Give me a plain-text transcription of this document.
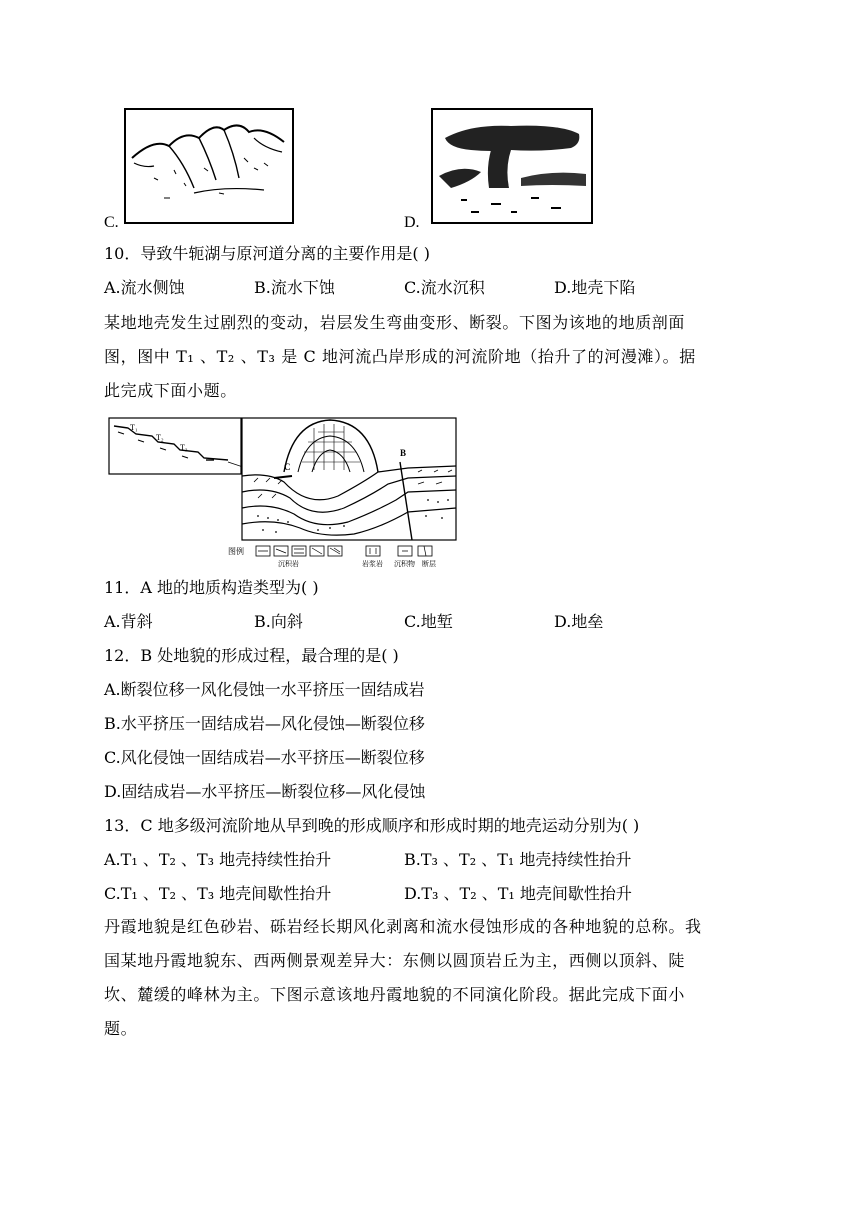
C.	D.
10．导致牛轭湖与原河道分离的主要作用是( )
A.流水侧蚀	B.流水下蚀	C.流水沉积	D.地壳下陷
某地地壳发生过剧烈的变动，岩层发生弯曲变形、断裂。下图为该地的地质剖面
图，图中 T₁ 、T₂ 、T₃ 是 C 地河流凸岸形成的河流阶地（抬升了的河漫滩）。据
此完成下面小题。
T₁
T₂
T₃
C
B
图例
沉积岩	岩浆岩 沉积物 断层
11．A 地的地质构造类型为( )
A.背斜	B.向斜	C.地堑	D.地垒
12．B 处地貌的形成过程，最合理的是( )
A.断裂位移一风化侵蚀一水平挤压一固结成岩
B.水平挤压一固结成岩—风化侵蚀—断裂位移
C.风化侵蚀一固结成岩—水平挤压—断裂位移
D.固结成岩—水平挤压—断裂位移—风化侵蚀
13．C 地多级河流阶地从早到晚的形成顺序和形成时期的地壳运动分别为( )
A.T₁ 、T₂ 、T₃ 地壳持续性抬升	B.T₃ 、T₂ 、T₁ 地壳持续性抬升
C.T₁ 、T₂ 、T₃ 地壳间歇性抬升	D.T₃ 、T₂ 、T₁ 地壳间歇性抬升
丹霞地貌是红色砂岩、砾岩经长期风化剥离和流水侵蚀形成的各种地貌的总称。我
国某地丹霞地貌东、西两侧景观差异大：东侧以圆顶岩丘为主，西侧以顶斜、陡
坎、麓缓的峰林为主。下图示意该地丹霞地貌的不同演化阶段。据此完成下面小
题。
